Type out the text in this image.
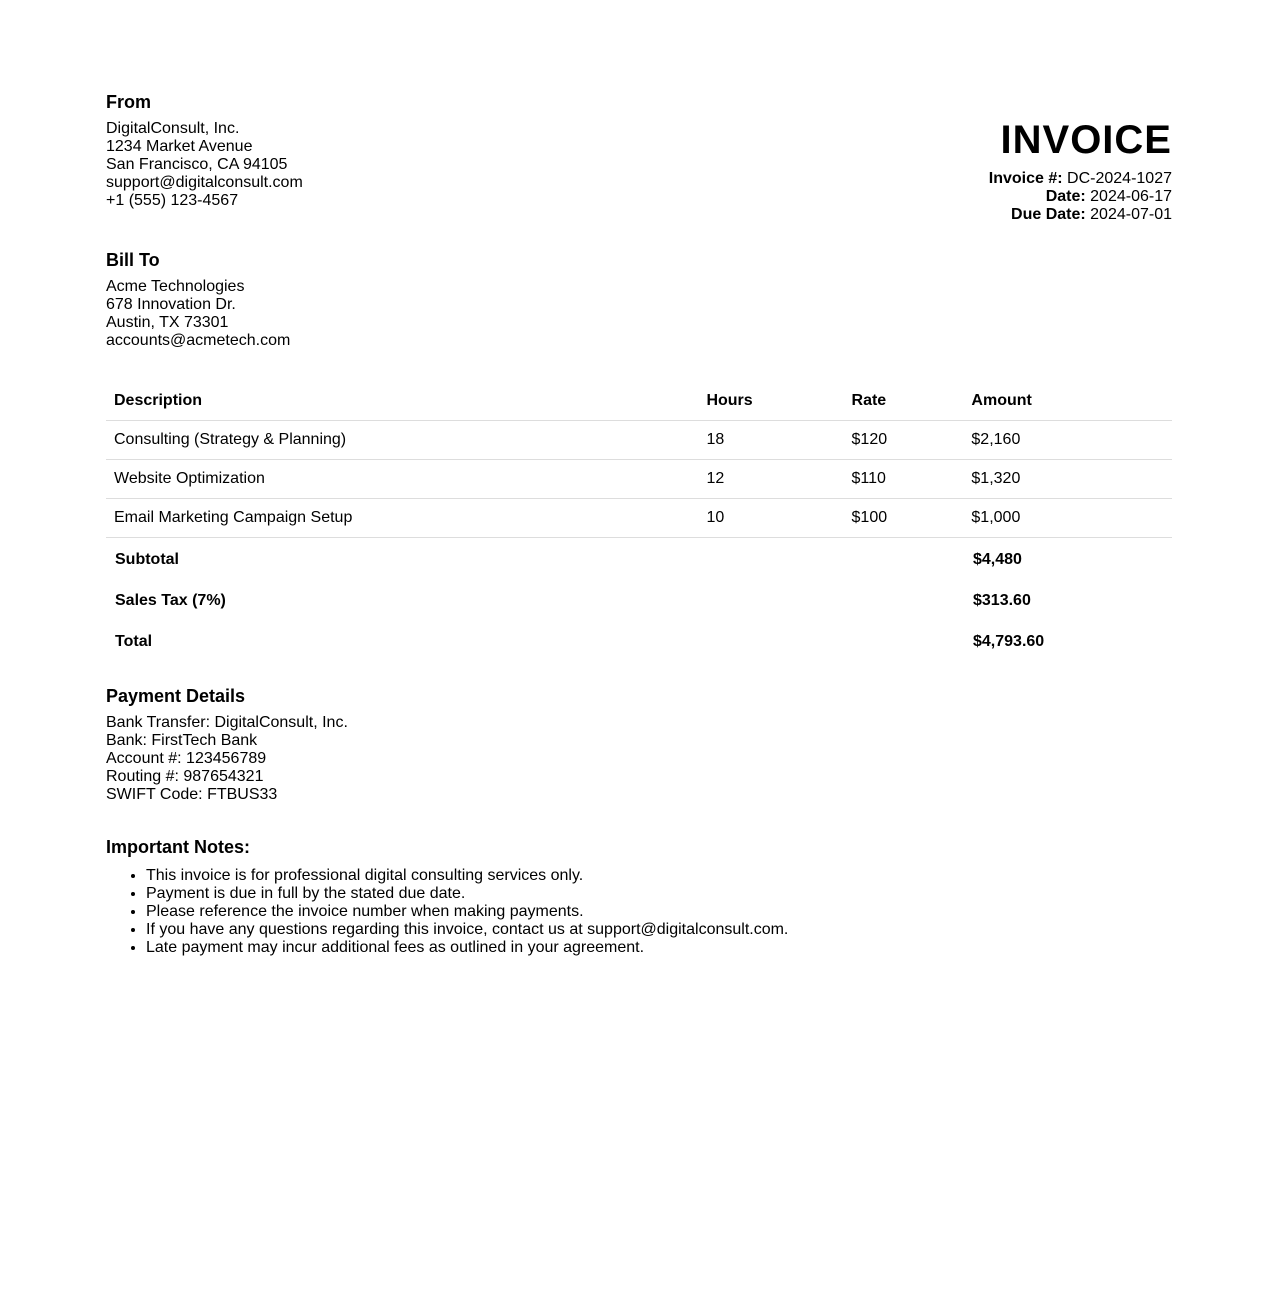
From
DigitalConsult, Inc.
1234 Market Avenue
San Francisco, CA 94105
support@digitalconsult.com
+1 (555) 123-4567
INVOICE
Invoice #: DC-2024-1027
Date: 2024-06-17
Due Date: 2024-07-01
Bill To
Acme Technologies
678 Innovation Dr.
Austin, TX 73301
accounts@acmetech.com
Description	Hours	Rate	Amount
Consulting (Strategy & Planning)	18	$120	$2,160
Website Optimization	12	$110	$1,320
Email Marketing Campaign Setup	10	$100	$1,000
Subtotal	$4,480
Sales Tax (7%)	$313.60
Total	$4,793.60
Payment Details
Bank Transfer: DigitalConsult, Inc.
Bank: FirstTech Bank
Account #: 123456789
Routing #: 987654321
SWIFT Code: FTBUS33
Important Notes:
• This invoice is for professional digital consulting services only.
• Payment is due in full by the stated due date.
• Please reference the invoice number when making payments.
• If you have any questions regarding this invoice, contact us at support@digitalconsult.com.
• Late payment may incur additional fees as outlined in your agreement.
